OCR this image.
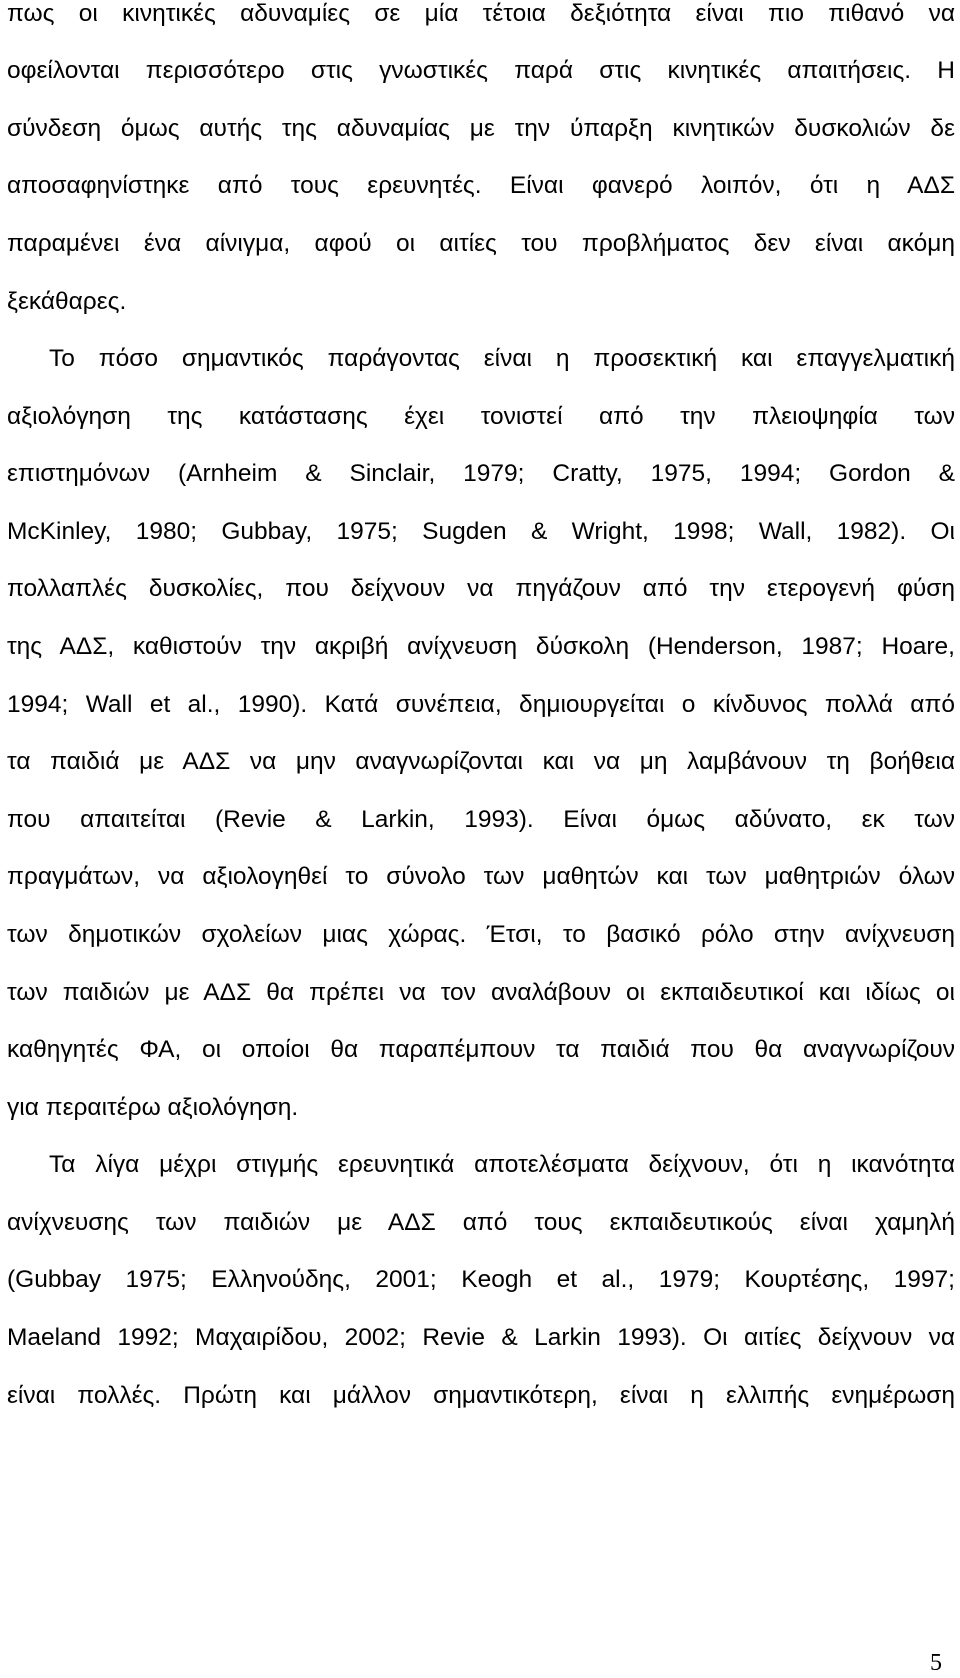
πως οι κινητικές αδυναμίες σε μία τέτοια δεξιότητα είναι πιο πιθανό να
οφείλονται περισσότερο στις γνωστικές παρά στις κινητικές απαιτήσεις. Η
σύνδεση όμως αυτής της αδυναμίας με την ύπαρξη κινητικών δυσκολιών δε
αποσαφηνίστηκε από τους ερευνητές. Είναι φανερό λοιπόν, ότι η ΑΔΣ
παραμένει ένα αίνιγμα, αφού οι αιτίες του προβλήματος δεν είναι ακόμη
ξεκάθαρες.
Το πόσο σημαντικός παράγοντας είναι η προσεκτική και επαγγελματική
αξιολόγηση της κατάστασης έχει τονιστεί από την πλειοψηφία των
επιστημόνων (Arnheim & Sinclair, 1979; Cratty, 1975, 1994; Gordon &
McKinley, 1980; Gubbay, 1975; Sugden & Wright, 1998; Wall, 1982). Οι
πολλαπλές δυσκολίες, που δείχνουν να πηγάζουν από την ετερογενή φύση
της ΑΔΣ, καθιστούν την ακριβή ανίχνευση δύσκολη (Henderson, 1987; Hoare,
1994; Wall et al., 1990). Κατά συνέπεια, δημιουργείται ο κίνδυνος πολλά από
τα παιδιά με ΑΔΣ να μην αναγνωρίζονται και να μη λαμβάνουν τη βοήθεια
που απαιτείται (Revie & Larkin, 1993). Είναι όμως αδύνατο, εκ των
πραγμάτων, να αξιολογηθεί το σύνολο των μαθητών και των μαθητριών όλων
των δημοτικών σχολείων μιας χώρας. Έτσι, το βασικό ρόλο στην ανίχνευση
των παιδιών με ΑΔΣ θα πρέπει να τον αναλάβουν οι εκπαιδευτικοί και ιδίως οι
καθηγητές ΦΑ, οι οποίοι θα παραπέμπουν τα παιδιά που θα αναγνωρίζουν
για περαιτέρω αξιολόγηση.
Τα λίγα μέχρι στιγμής ερευνητικά αποτελέσματα δείχνουν, ότι η ικανότητα
ανίχνευσης των παιδιών με ΑΔΣ από τους εκπαιδευτικούς είναι χαμηλή
(Gubbay 1975; Ελληνούδης, 2001; Keogh et al., 1979; Κουρτέσης, 1997;
Maeland 1992; Μαχαιρίδου, 2002; Revie & Larkin 1993). Οι αιτίες δείχνουν να
είναι πολλές. Πρώτη και μάλλον σημαντικότερη, είναι η ελλιπής ενημέρωση
5
